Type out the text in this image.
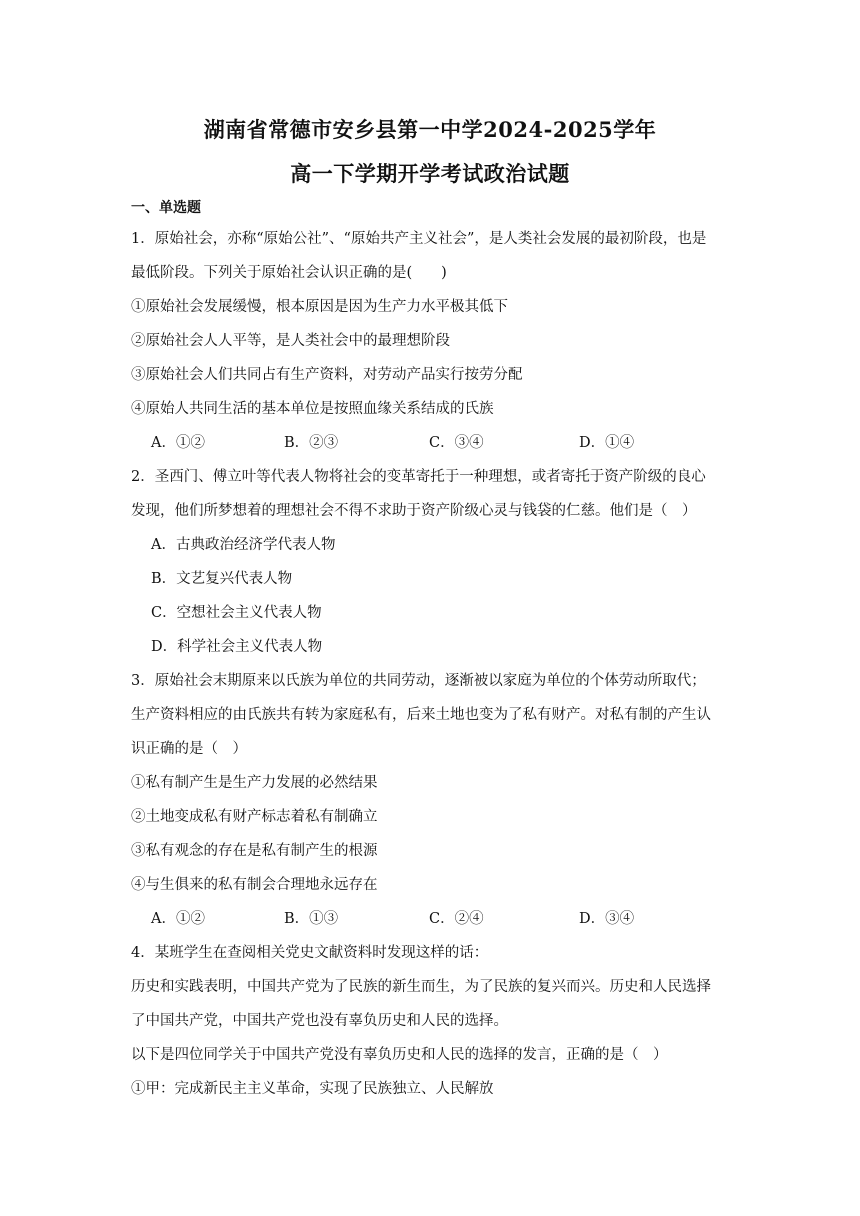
湖南省常德市安乡县第一中学2024-2025学年
高一下学期开学考试政治试题
一、单选题
1．原始社会，亦称“原始公社”、“原始共产主义社会”，是人类社会发展的最初阶段，也是
最低阶段。下列关于原始社会认识正确的是(　　)
①原始社会发展缓慢，根本原因是因为生产力水平极其低下
②原始社会人人平等，是人类社会中的最理想阶段
③原始社会人们共同占有生产资料，对劳动产品实行按劳分配
④原始人共同生活的基本单位是按照血缘关系结成的氏族
A．①②	B．②③	C．③④	D．①④
2．圣西门、傅立叶等代表人物将社会的变革寄托于一种理想，或者寄托于资产阶级的良心
发现，他们所梦想着的理想社会不得不求助于资产阶级心灵与钱袋的仁慈。他们是（　）
A．古典政治经济学代表人物
B．文艺复兴代表人物
C．空想社会主义代表人物
D．科学社会主义代表人物
3．原始社会末期原来以氏族为单位的共同劳动，逐渐被以家庭为单位的个体劳动所取代；
生产资料相应的由氏族共有转为家庭私有，后来土地也变为了私有财产。对私有制的产生认
识正确的是（　）
①私有制产生是生产力发展的必然结果
②土地变成私有财产标志着私有制确立
③私有观念的存在是私有制产生的根源
④与生俱来的私有制会合理地永远存在
A．①②	B．①③	C．②④	D．③④
4．某班学生在查阅相关党史文献资料时发现这样的话：
历史和实践表明，中国共产党为了民族的新生而生，为了民族的复兴而兴。历史和人民选择
了中国共产党，中国共产党也没有辜负历史和人民的选择。
以下是四位同学关于中国共产党没有辜负历史和人民的选择的发言，正确的是（　）
①甲：完成新民主主义革命，实现了民族独立、人民解放
